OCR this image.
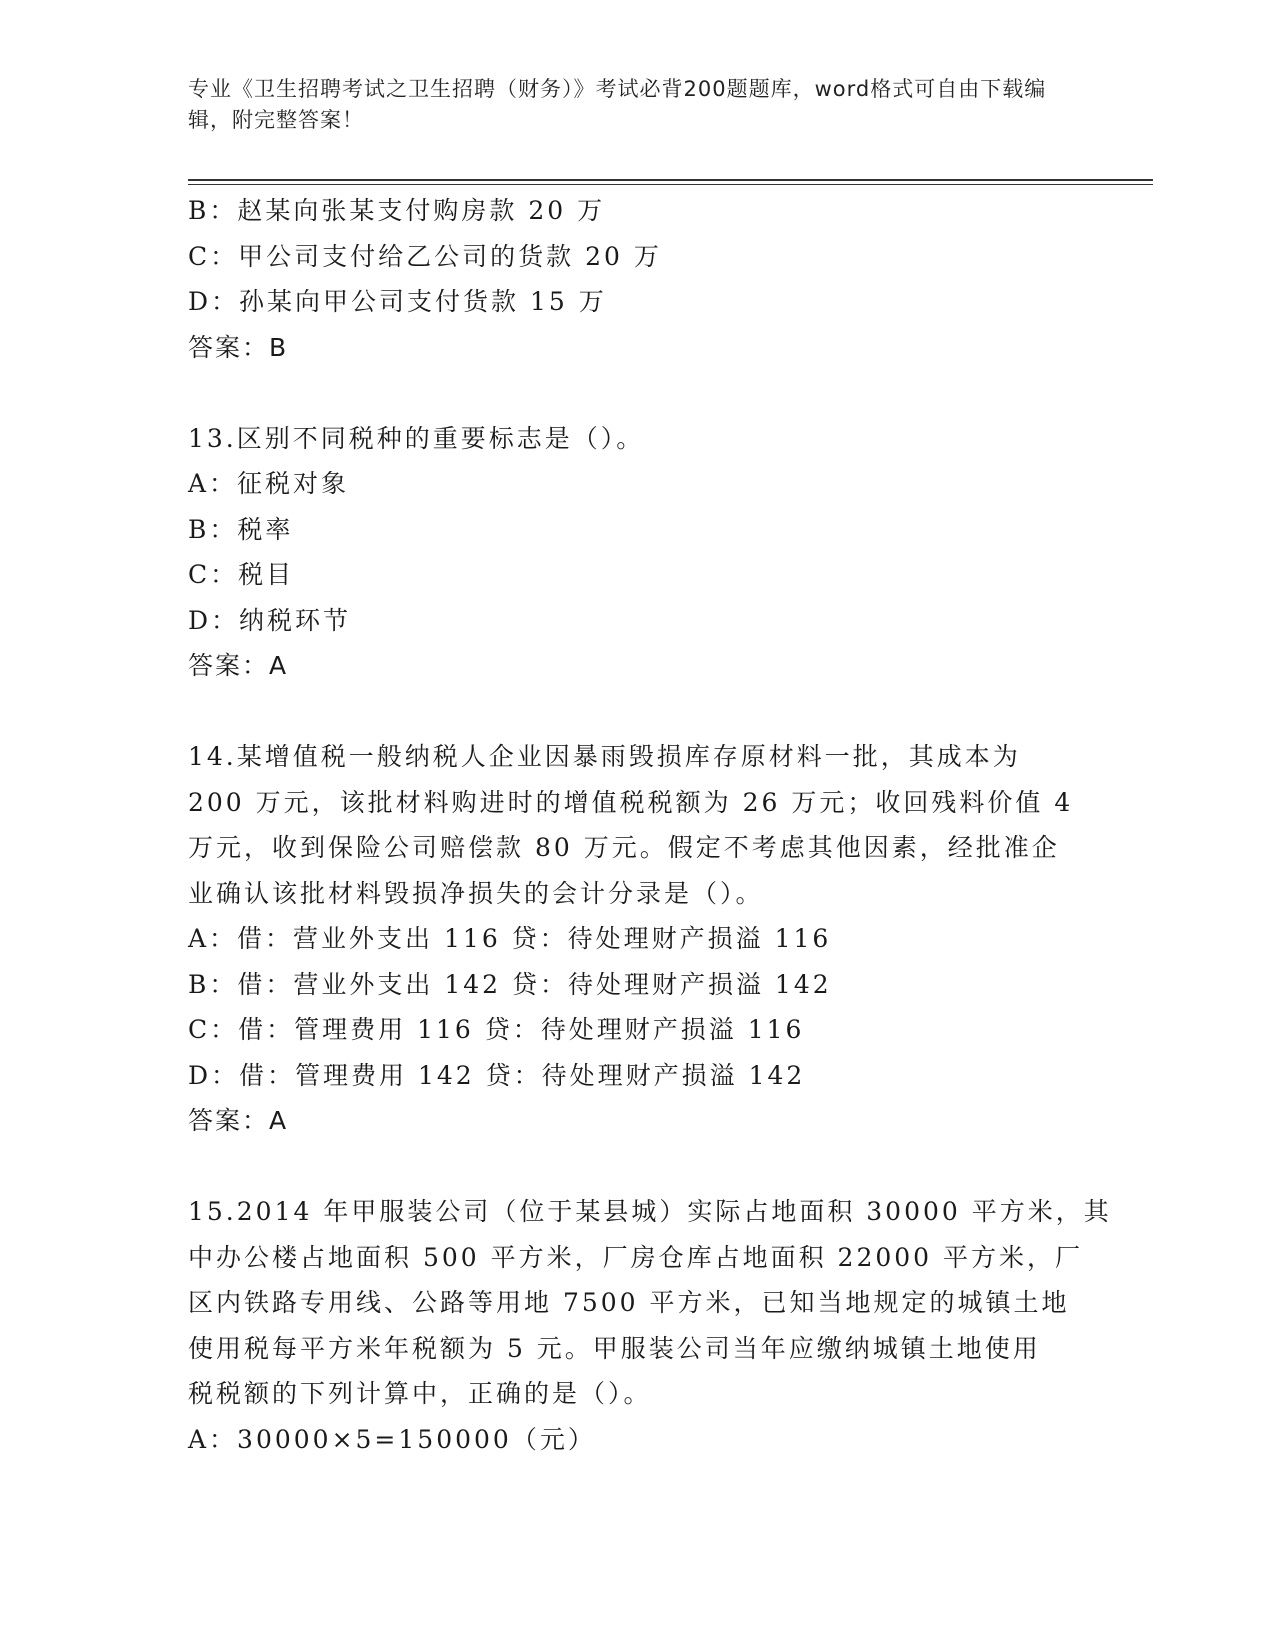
专业《卫生招聘考试之卫生招聘（财务）》考试必背200题题库，word格式可自由下载编辑，附完整答案！
B：赵某向张某支付购房款 20 万
C：甲公司支付给乙公司的货款 20 万
D：孙某向甲公司支付货款 15 万
答案：B
13.区别不同税种的重要标志是（）。
A：征税对象
B：税率
C：税目
D：纳税环节
答案：A
14.某增值税一般纳税人企业因暴雨毁损库存原材料一批，其成本为
200 万元，该批材料购进时的增值税税额为 26 万元；收回残料价值 4
万元，收到保险公司赔偿款 80 万元。假定不考虑其他因素，经批准企
业确认该批材料毁损净损失的会计分录是（）。
A：借：营业外支出 116 贷：待处理财产损溢 116
B：借：营业外支出 142 贷：待处理财产损溢 142
C：借：管理费用 116 贷：待处理财产损溢 116
D：借：管理费用 142 贷：待处理财产损溢 142
答案：A
15.2014 年甲服装公司（位于某县城）实际占地面积 30000 平方米，其
中办公楼占地面积 500 平方米，厂房仓库占地面积 22000 平方米，厂
区内铁路专用线、公路等用地 7500 平方米，已知当地规定的城镇土地
使用税每平方米年税额为 5 元。甲服装公司当年应缴纳城镇土地使用
税税额的下列计算中，正确的是（）。
A：30000×5=150000（元）
